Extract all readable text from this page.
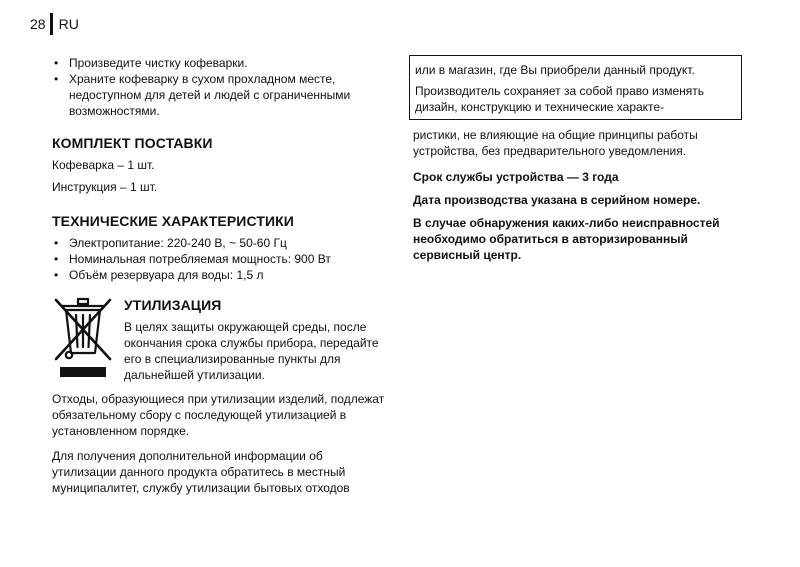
28 RU
• Произведите чистку кофеварки.
• Храните кофеварку в сухом прохладном месте, недоступном для детей и людей с ограниченными возможностями.
КОМПЛЕКТ ПОСТАВКИ

Кофеварка – 1 шт.

Инструкция – 1 шт.

ТЕХНИЧЕСКИЕ ХАРАКТЕРИСТИКИ
• Электропитание: 220-240 В, ~ 50-60 Гц
• Номинальная потребляемая мощность: 900 Вт
• Объём резервуара для воды: 1,5 л
УТИЛИЗАЦИЯ

В целях защиты окружающей среды, после окончания срока службы прибора, передайте его в специализированные пункты для дальнейшей утилизации.

Отходы, образующиеся при утилизации изделий, подлежат обязательному сбору с последующей утилизацией в установленном порядке.

Для получения дополнительной информации об утилизации данного продукта обратитесь в местный муниципалитет, службу утилизации бытовых отходов

или в магазин, где Вы приобрели данный продукт.

Производитель сохраняет за собой право изменять дизайн, конструкцию и технические характе-

ристики, не влияющие на общие принципы работы устройства, без предварительного уведомления.

Срок службы устройства — 3 года

Дата производства указана в серийном номере.

В случае обнаружения каких-либо неисправностей необходимо обратиться в авторизированный сервисный центр.
